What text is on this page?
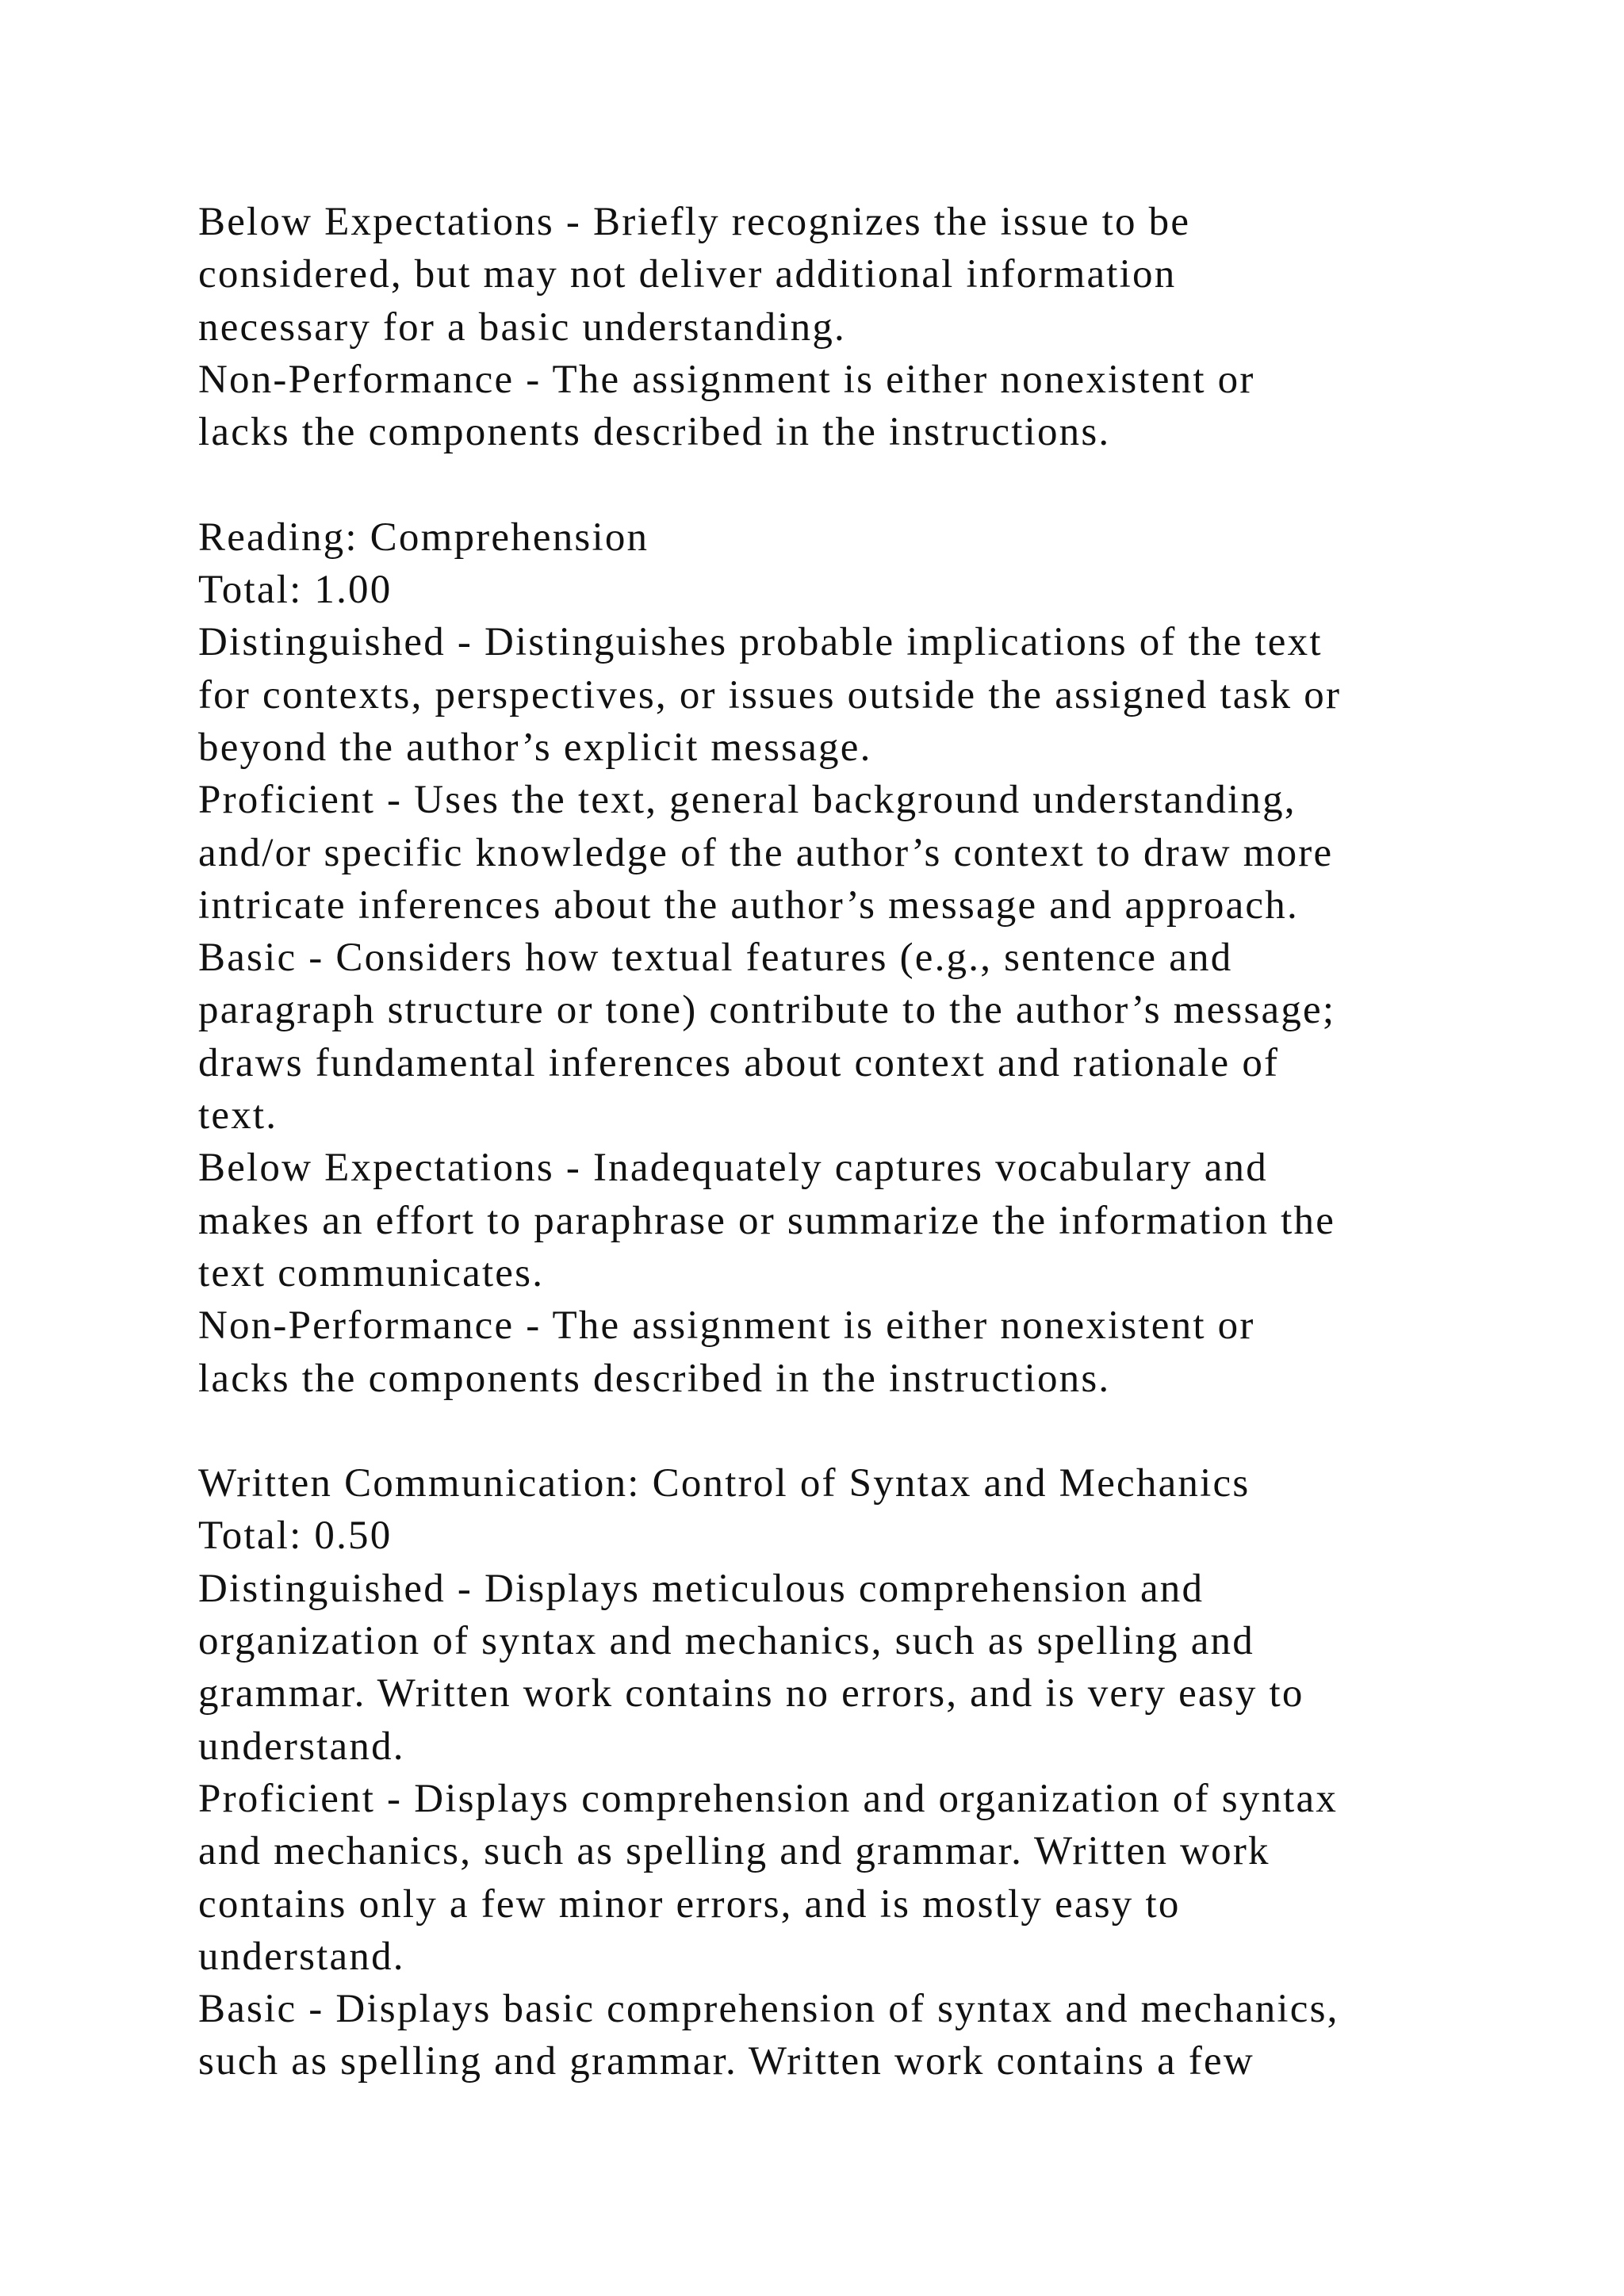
Below Expectations - Briefly recognizes the issue to be
considered, but may not deliver additional information
necessary for a basic understanding.
Non-Performance - The assignment is either nonexistent or
lacks the components described in the instructions.
Reading: Comprehension
Total: 1.00
Distinguished - Distinguishes probable implications of the text
for contexts, perspectives, or issues outside the assigned task or
beyond the author’s explicit message.
Proficient - Uses the text, general background understanding,
and/or specific knowledge of the author’s context to draw more
intricate inferences about the author’s message and approach.
Basic - Considers how textual features (e.g., sentence and
paragraph structure or tone) contribute to the author’s message;
draws fundamental inferences about context and rationale of
text.
Below Expectations - Inadequately captures vocabulary and
makes an effort to paraphrase or summarize the information the
text communicates.
Non-Performance - The assignment is either nonexistent or
lacks the components described in the instructions.
Written Communication: Control of Syntax and Mechanics
Total: 0.50
Distinguished - Displays meticulous comprehension and
organization of syntax and mechanics, such as spelling and
grammar. Written work contains no errors, and is very easy to
understand.
Proficient - Displays comprehension and organization of syntax
and mechanics, such as spelling and grammar. Written work
contains only a few minor errors, and is mostly easy to
understand.
Basic - Displays basic comprehension of syntax and mechanics,
such as spelling and grammar. Written work contains a few
